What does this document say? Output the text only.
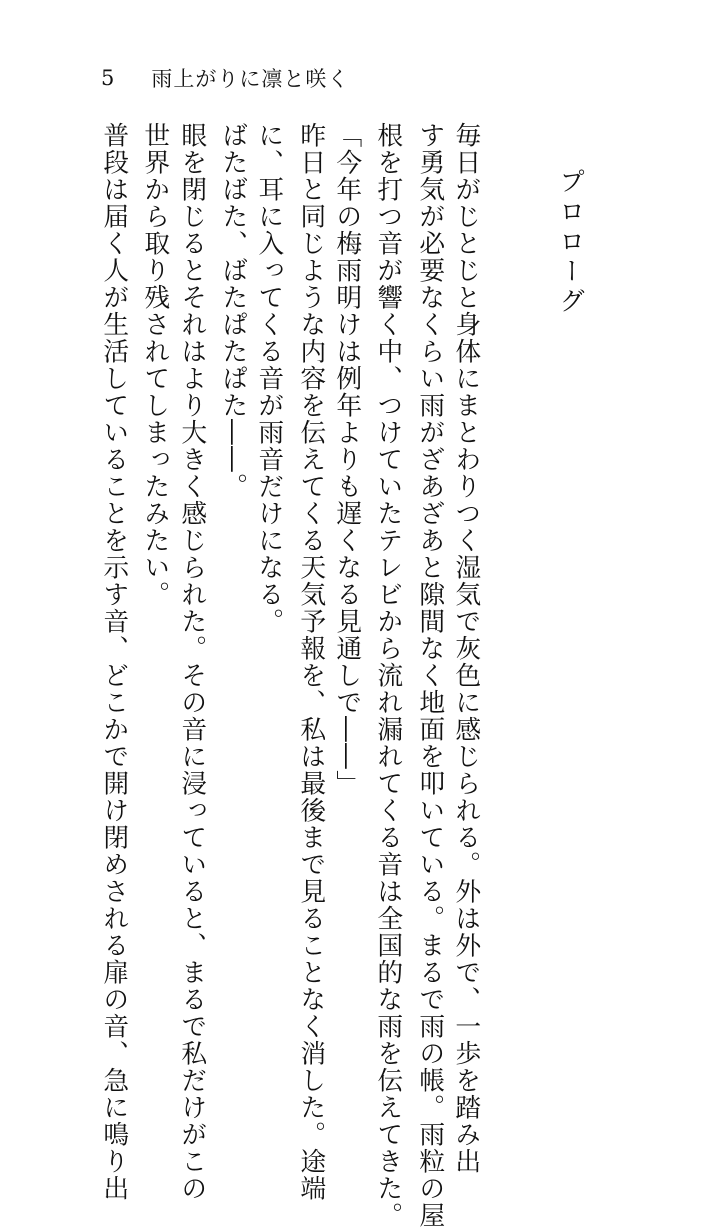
5 雨上がりに凛と咲く
プロローグ
毎日がじとじと身体にまとわりつく湿気で灰色に感じられる。外は外で、一歩を踏み出
す勇気が必要なくらい雨がざあざあと隙間なく地面を叩いている。まるで雨の帳。雨粒の屋
根を打つ音が響く中、つけていたテレビから流れ漏れてくる音は全国的な雨を伝えてきた。
「今年の梅雨明けは例年よりも遅くなる見通しで――」
昨日と同じような内容を伝えてくる天気予報を、私は最後まで見ることなく消した。途端
に、耳に入ってくる音が雨音だけになる。
ばたばた、ばたぱたぱた――。
眼を閉じるとそれはより大きく感じられた。その音に浸っていると、まるで私だけがこの
世界から取り残されてしまったみたい。
普段は届く人が生活していることを示す音、どこかで開け閉めされる扉の音、急に鳴り出
